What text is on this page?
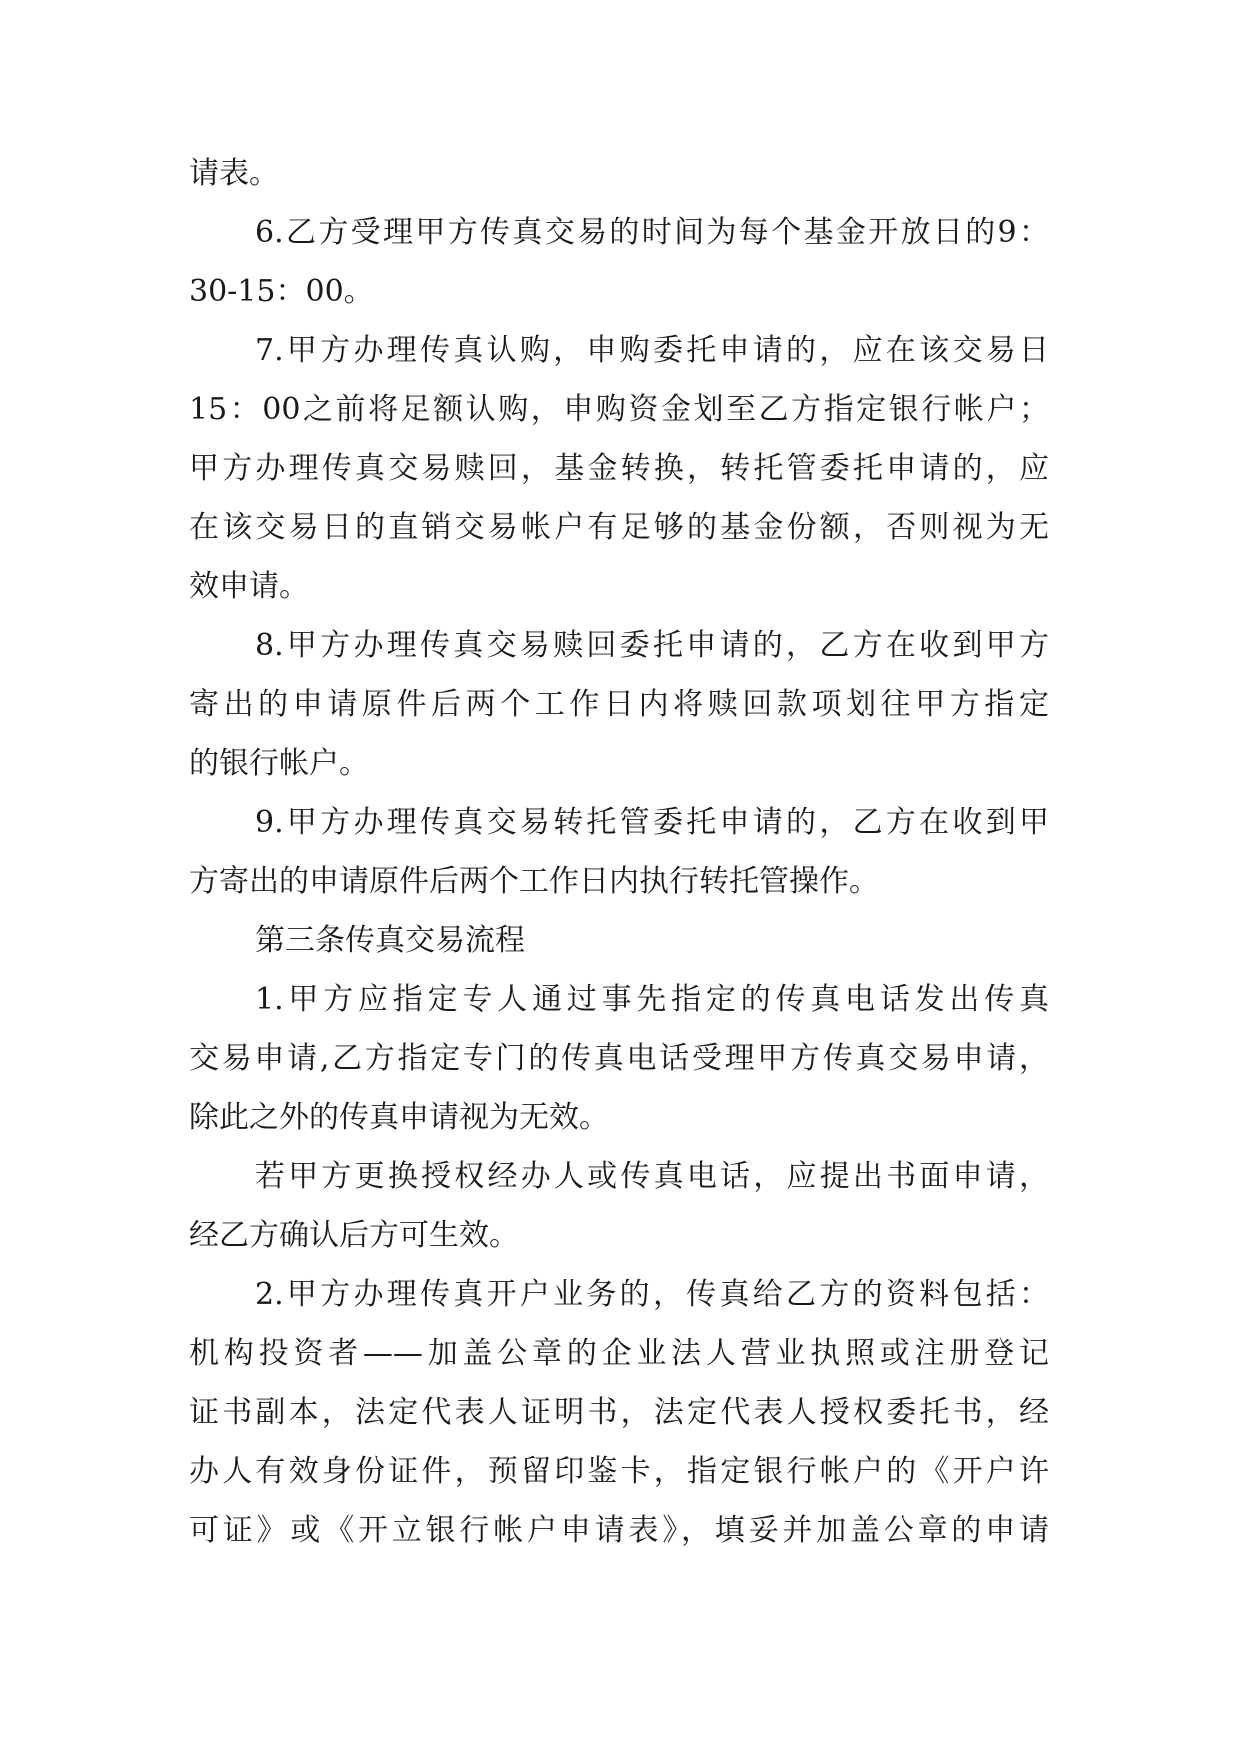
请表。
6.乙方受理甲方传真交易的时间为每个基金开放日的9：
30-15：00。
7.甲方办理传真认购，申购委托申请的，应在该交易日
15：00之前将足额认购，申购资金划至乙方指定银行帐户；
甲方办理传真交易赎回，基金转换，转托管委托申请的，应
在该交易日的直销交易帐户有足够的基金份额，否则视为无
效申请。
8.甲方办理传真交易赎回委托申请的，乙方在收到甲方
寄出的申请原件后两个工作日内将赎回款项划往甲方指定
的银行帐户。
9.甲方办理传真交易转托管委托申请的，乙方在收到甲
方寄出的申请原件后两个工作日内执行转托管操作。
第三条传真交易流程
1.甲方应指定专人通过事先指定的传真电话发出传真
交易申请,乙方指定专门的传真电话受理甲方传真交易申请，
除此之外的传真申请视为无效。
若甲方更换授权经办人或传真电话，应提出书面申请，
经乙方确认后方可生效。
2.甲方办理传真开户业务的，传真给乙方的资料包括：
机构投资者——加盖公章的企业法人营业执照或注册登记
证书副本，法定代表人证明书，法定代表人授权委托书，经
办人有效身份证件，预留印鉴卡，指定银行帐户的《开户许
可证》或《开立银行帐户申请表》，填妥并加盖公章的申请
